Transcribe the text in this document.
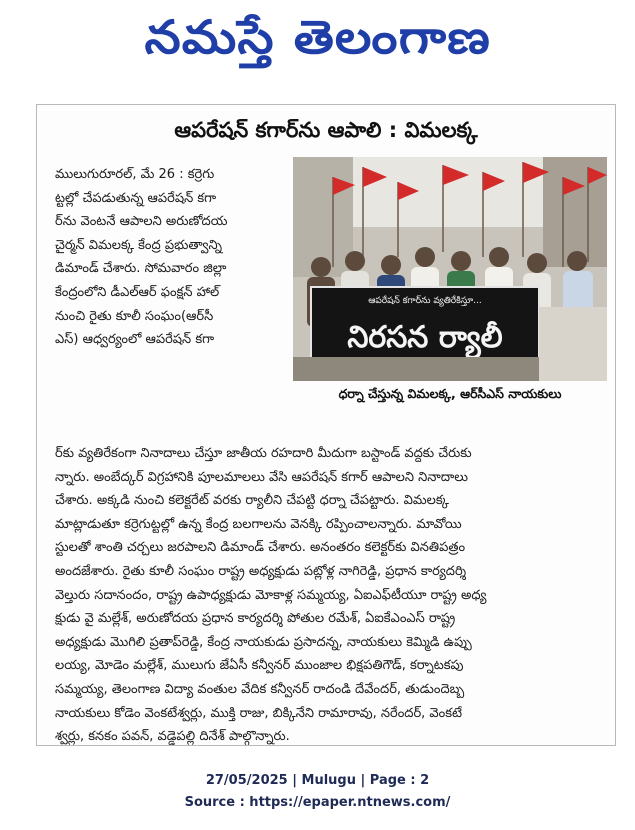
నమస్తే తెలంగాణ
ఆపరేషన్ కగార్‌ను ఆపాలి : విమలక్క

ములుగురూరల్, మే 26 : కర్రెగు

ట్టల్లో చేపడుతున్న ఆపరేషన్ కగా

ర్‌ను వెంటనే ఆపాలని అరుణోదయ

చైర్మన్ విమలక్క కేంద్ర ప్రభుత్వాన్ని

డిమాండ్ చేశారు. సోమవారం జిల్లా

కేంద్రంలోని డీఎల్ఆర్ ఫంక్షన్ హాల్

నుంచి రైతు కూలీ సంఘం(ఆర్‌సీ

ఎస్) ఆధ్వర్యంలో ఆపరేషన్ కగా

ఆపరేషన్ కగార్‌ను వ్యతిరేకిస్తూ...
నిరసన ర్యాలీ
ధర్నా చేస్తున్న విమలక్క, ఆర్‌సీఎస్ నాయకులు

ర్‌కు వ్యతిరేకంగా నినాదాలు చేస్తూ జాతీయ రహదారి మీదుగా బస్టాండ్ వద్దకు చేరుకు

న్నారు. అంబేద్కర్ విగ్రహానికి పూలమాలలు వేసి ఆపరేషన్ కగార్ ఆపాలని నినాదాలు

చేశారు. అక్కడి నుంచి కలెక్టరేట్ వరకు ర్యాలీని చేపట్టి ధర్నా చేపట్టారు. విమలక్క

మాట్లాడుతూ కర్రెగుట్టల్లో ఉన్న కేంద్ర బలగాలను వెనక్కి రప్పించాలన్నారు. మావోయి

స్టులతో శాంతి చర్చలు జరపాలని డిమాండ్ చేశారు. అనంతరం కలెక్టర్‌కు వినతిపత్రం

అందజేశారు. రైతు కూలీ సంఘం రాష్ట్ర అధ్యక్షుడు పట్లోళ్ల నాగిరెడ్డి, ప్రధాన కార్యదర్శి

వెల్తురు సదానందం, రాష్ట్ర ఉపాధ్యక్షుడు మోకాళ్ల సమ్మయ్య, ఏఐఎఫ్‌టీయూ రాష్ట్ర అధ్య

క్షుడు వై మల్లేశ్, అరుణోదయ ప్రధాన కార్యదర్శి పోతుల రమేశ్, ఏఐకేఎంఎస్ రాష్ట్ర

అధ్యక్షుడు మొగిలి ప్రతాప్‌రెడ్డి, కేంద్ర నాయకుడు ప్రసాదన్న, నాయకులు కెమ్మిడి ఉప్పు

లయ్య, మోడెం మల్లేశ్, ములుగు జేఏసీ కన్వీనర్ ముంజాల భిక్షపతిగౌడ్, కర్నాటకపు

సమ్మయ్య, తెలంగాణ విద్యా వంతుల వేదిక కన్వీనర్ రాదండి దేవేందర్, తుడుందెబ్బ

నాయకులు కోడెం వెంకటేశ్వర్లు, ముక్తి రాజు, బిక్కినేని రామారావు, నరేందర్, వెంకటే

శ్వర్లు, కనకం పవన్, వడ్డెపల్లి దినేశ్ పాల్గొన్నారు.

27/05/2025 | Mulugu | Page : 2
Source : https://epaper.ntnews.com/
